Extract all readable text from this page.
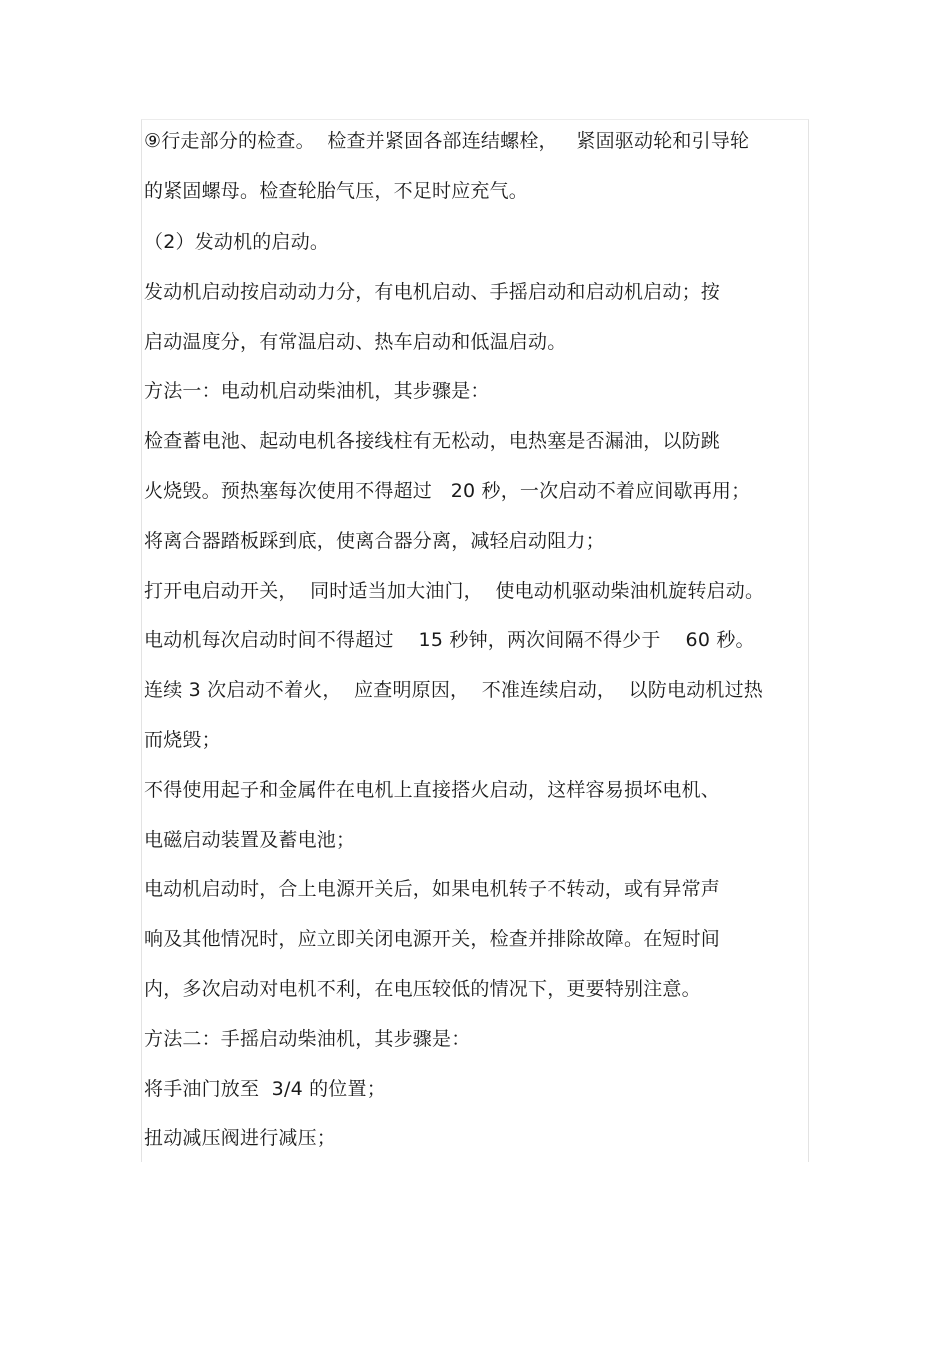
⑨行走部分的检查。  检查并紧固各部连结螺栓，   紧固驱动轮和引导轮
的紧固螺母。检查轮胎气压，不足时应充气。
（2）发动机的启动。
发动机启动按启动动力分，有电机启动、手摇启动和启动机启动；按
启动温度分，有常温启动、热车启动和低温启动。
方法一：电动机启动柴油机，其步骤是：
检查蓄电池、起动电机各接线柱有无松动，电热塞是否漏油，以防跳
火烧毁。预热塞每次使用不得超过   20 秒，一次启动不着应间歇再用；
将离合器踏板踩到底，使离合器分离，减轻启动阻力；
打开电启动开关，  同时适当加大油门，  使电动机驱动柴油机旋转启动。
电动机每次启动时间不得超过    15 秒钟，两次间隔不得少于    60 秒。
连续 3 次启动不着火，  应查明原因，  不准连续启动，  以防电动机过热
而烧毁；
不得使用起子和金属件在电机上直接搭火启动，这样容易损坏电机、
电磁启动装置及蓄电池；
电动机启动时，合上电源开关后，如果电机转子不转动，或有异常声
响及其他情况时，应立即关闭电源开关，检查并排除故障。在短时间
内，多次启动对电机不利，在电压较低的情况下，更要特别注意。
方法二：手摇启动柴油机，其步骤是：
将手油门放至  3/4 的位置；
扭动减压阀进行减压；
